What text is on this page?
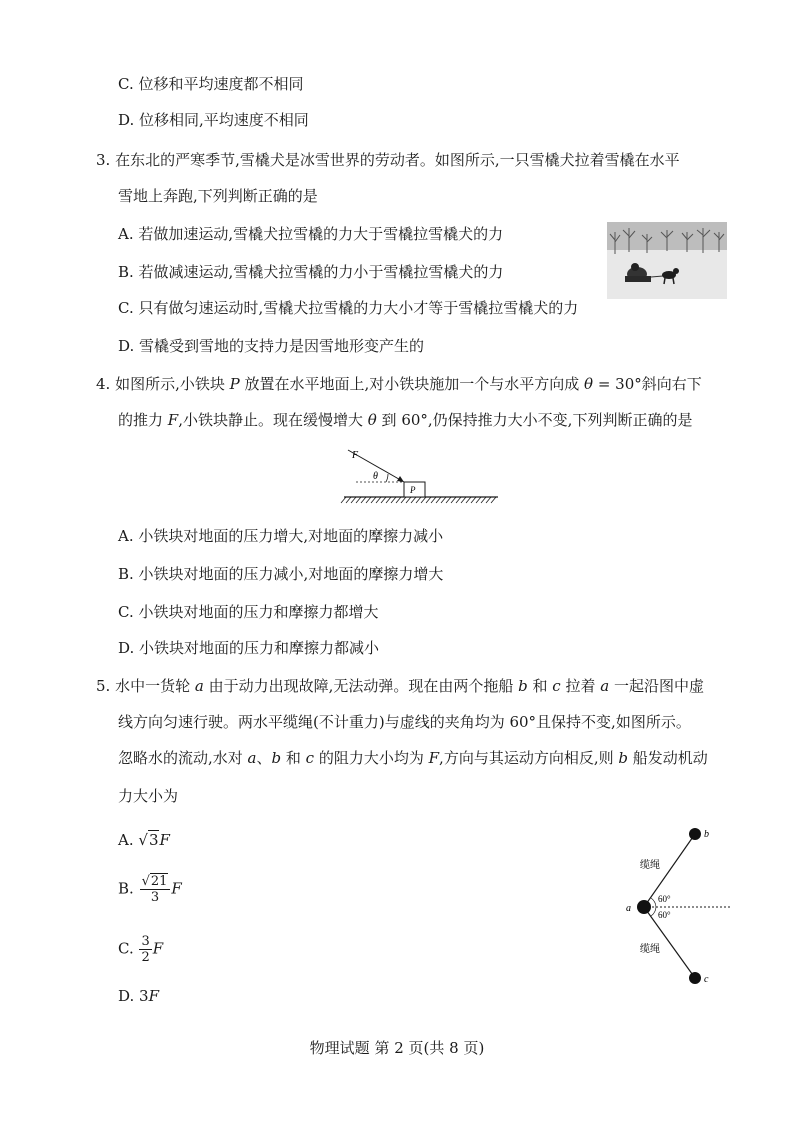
C. 位移和平均速度都不相同
D. 位移相同,平均速度不相同
3. 在东北的严寒季节,雪橇犬是冰雪世界的劳动者。如图所示,一只雪橇犬拉着雪橇在水平
雪地上奔跑,下列判断正确的是
A. 若做加速运动,雪橇犬拉雪橇的力大于雪橇拉雪橇犬的力
B. 若做减速运动,雪橇犬拉雪橇的力小于雪橇拉雪橇犬的力
C. 只有做匀速运动时,雪橇犬拉雪橇的力大小才等于雪橇拉雪橇犬的力
D. 雪橇受到雪地的支持力是因雪地形变产生的
4. 如图所示,小铁块 P 放置在水平地面上,对小铁块施加一个与水平方向成 θ = 30°斜向右下
的推力 F,小铁块静止。现在缓慢增大 θ 到 60°,仍保持推力大小不变,下列判断正确的是
F
θ
P
A. 小铁块对地面的压力增大,对地面的摩擦力减小
B. 小铁块对地面的压力减小,对地面的摩擦力增大
C. 小铁块对地面的压力和摩擦力都增大
D. 小铁块对地面的压力和摩擦力都减小
5. 水中一货轮 a 由于动力出现故障,无法动弹。现在由两个拖船 b 和 c 拉着 a 一起沿图中虚
线方向匀速行驶。两水平缆绳(不计重力)与虚线的夹角均为 60°且保持不变,如图所示。
忽略水的流动,水对 a、b 和 c 的阻力大小均为 F,方向与其运动方向相反,则 b 船发动机动
力大小为
A. √3F
B. $\frac{√21}{3}$ F
C. $\frac{3}{2}$ F
D. 3F
a
b
c
缆绳
缆绳
60°
60°
物理试题 第 2 页(共 8 页)
